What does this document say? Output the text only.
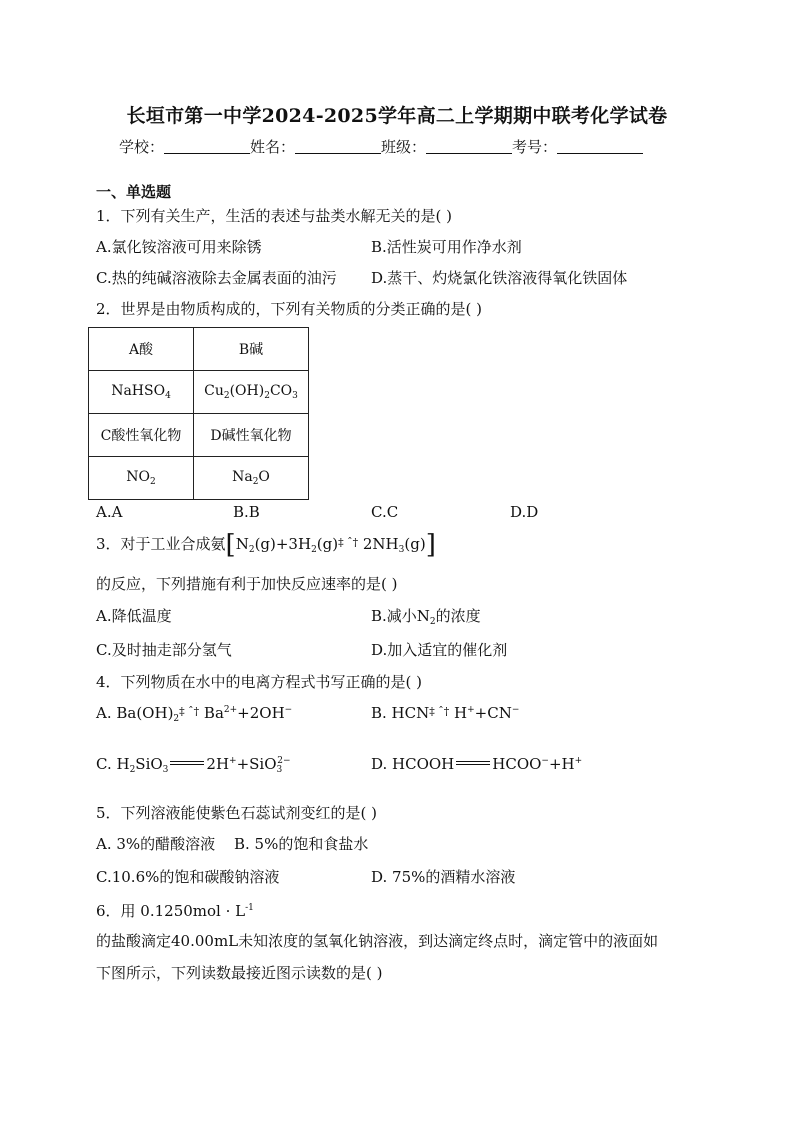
长垣市第一中学2024-2025学年高二上学期期中联考化学试卷
学校：	姓名：	班级：	考号：
一、单选题
1．下列有关生产，生活的表述与盐类水解无关的是( )
A.氯化铵溶液可用来除锈	B.活性炭可用作净水剂
C.热的纯碱溶液除去金属表面的油污 D.蒸干、灼烧氯化铁溶液得氧化铁固体
2．世界是由物质构成的，下列有关物质的分类正确的是( )
A酸	B碱
NaHSO$_4$	$Cu_2(OH)_2CO_3$
C酸性氧化物	D碱性氧化物
$NO_2$	$Na_2O$
A.A	B.B	C.C	D.D
3．对于工业合成氨[$N_2(g)+3H_2(g)\ddagger$ ˆ† $2NH_3(g)$]
的反应，下列措施有利于加快反应速率的是( )
A.降低温度	B.减小$N_2$的浓度
C.及时抽走部分氢气	D.加入适宜的催化剂
4．下列物质在水中的电离方程式书写正确的是( )
A. $Ba(OH)_2\ddagger$ ˆ† $Ba^{2+}+2OH^-$	B. HCN‡ ˆ† H++CN−
C. $H_2SiO_3$	2H++SiO$_3^{2-}$	D. HCOOH	HCOO−+H+
5．下列溶液能使紫色石蕊试剂变红的是( )
A. 3%的醋酸溶液 B. 5%的饱和食盐水
C.10.6%的饱和碳酸钠溶液	D. 75%的酒精水溶液
6．用 $0.1250mol \cdot L^{-1}$
的盐酸滴定40.00mL未知浓度的氢氧化钠溶液，到达滴定终点时，滴定管中的液面如
下图所示，下列读数最接近图示读数的是( )
